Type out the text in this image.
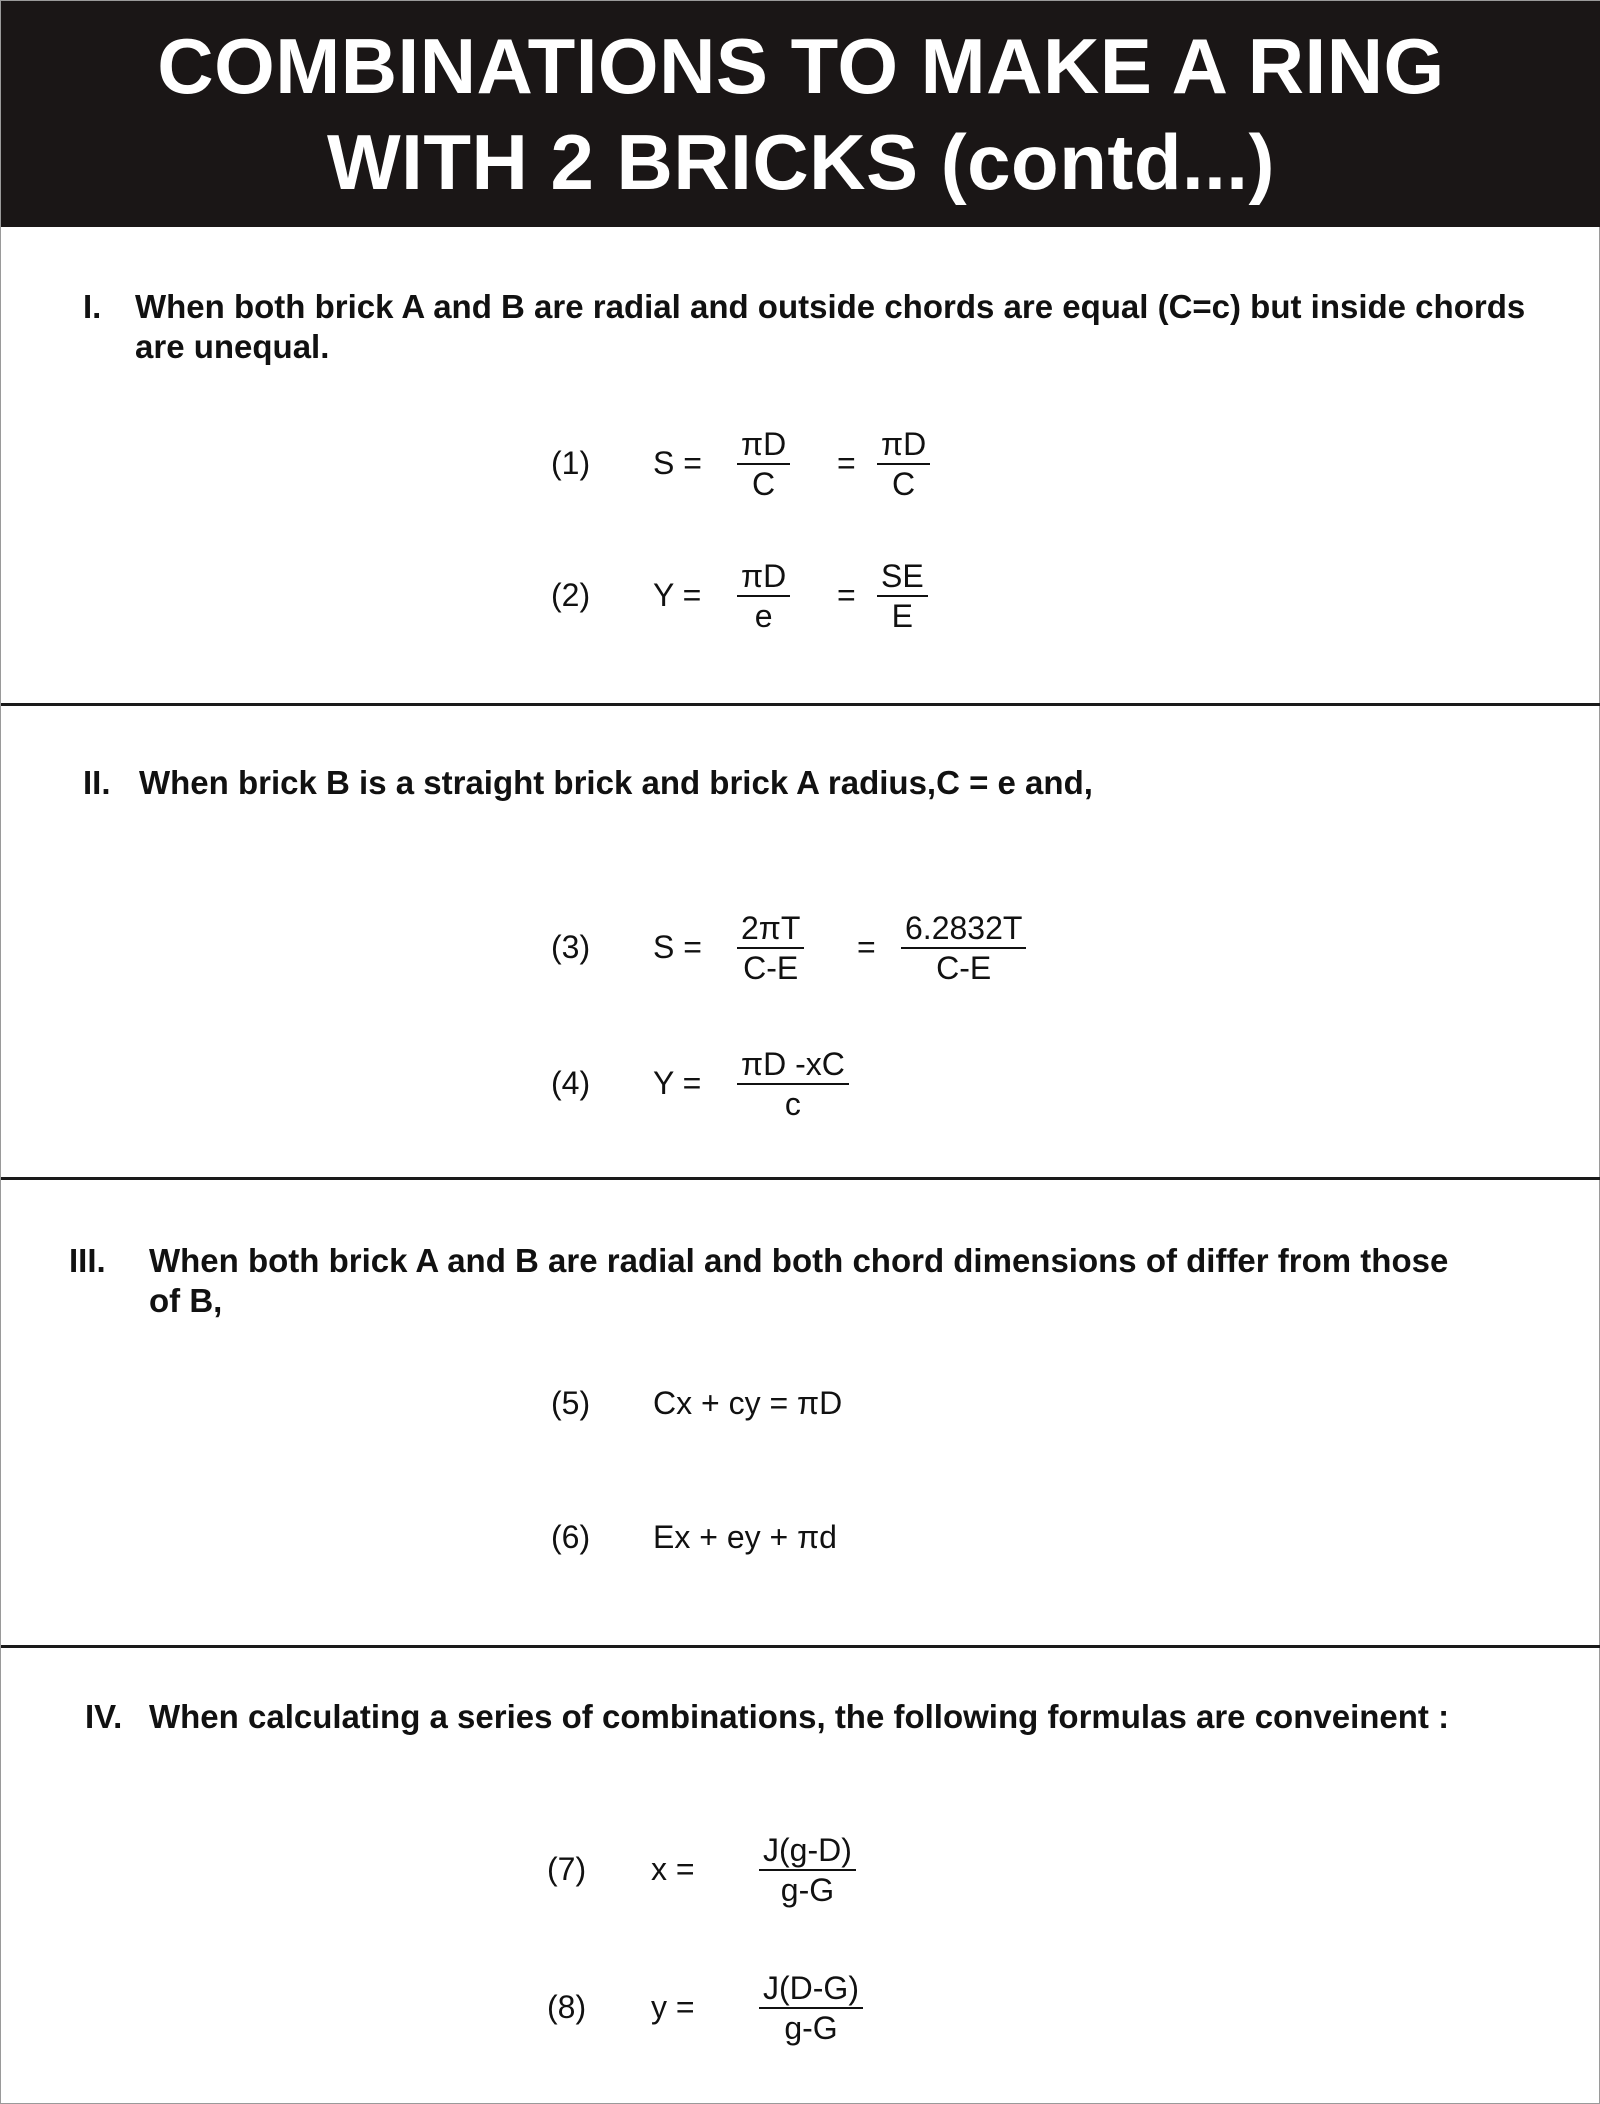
COMBINATIONS TO MAKE A RING
WITH 2 BRICKS (contd...)
I.	When both brick A and B are radial and outside chords are equal (C=c) but inside chords are unequal.
(1) S =
πD
C
=
πD
C
(2) Y =
πD
e
=
SE
E
II. When brick B is a straight brick and brick A radius,C = e and,
(3) S =
2πT
C-E
=
6.2832T
C-E
(4) Y =
πD -xC
c
III.	When both brick A and B are radial and both chord dimensions of differ from those of B,
(5) Cx + cy = πD
(6) Ex + ey + πd
IV. When calculating a series of combinations, the following formulas are conveinent :
(7) x =
J(g-D)
g-G
(8) y =
J(D-G)
g-G
